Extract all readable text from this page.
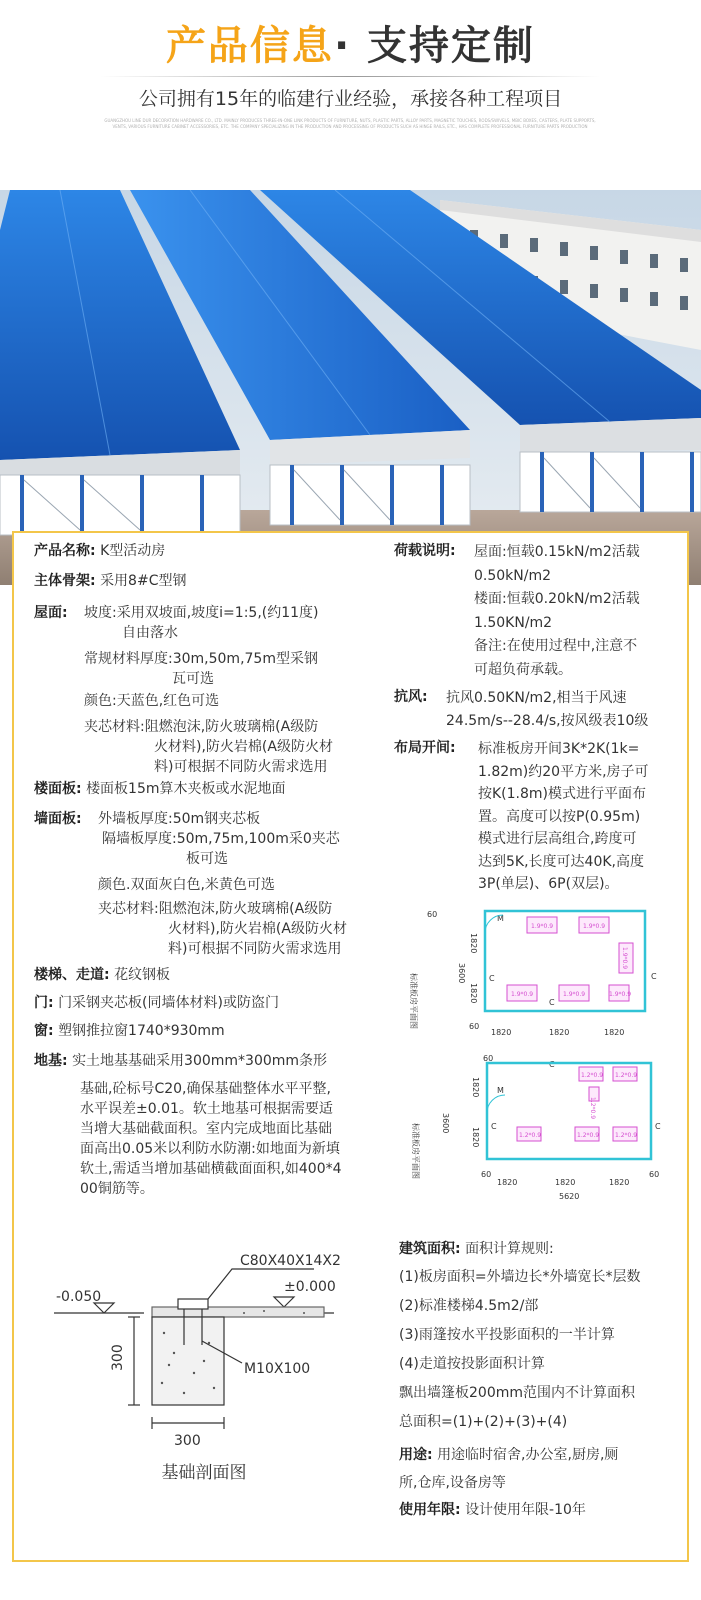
产品信息· 支持定制
公司拥有15年的临建行业经验，承接各种工程项目
GUANGZHOU LINE DUR DECORATION HARDWARE CO., LTD. MAINLY PRODUCES THREE-IN-ONE LINK PRODUCTS OF FURNITURE, NUTS, PLASTIC PARTS, ALLOY PARTS, MAGNETIC TOUCHES, RODS/SWIVELS, MBIC BOXES, CASTERS, PLATE SUPPORTS, VENTS, VARIOUS FURNITURE CABINET ACCESSORIES, ETC. THE COMPANY SPECIALIZING IN THE PRODUCTION AND PROCESSING OF PRODUCTS SUCH AS HINGE RAILS, ETC., HAS COMPLETE PROFESSIONAL FURNITURE PARTS PRODUCTION
产品名称: K型活动房
主体骨架: 采用8#C型钢
屋面:	坡度:采用双坡面,坡度i=1:5,(约11度)
自由落水
常规材料厚度:30m,50m,75m型采钢
瓦可选
颜色:天蓝色,红色可选
夹芯材料:阻燃泡沫,防火玻璃棉(A级防
火材料),防火岩棉(A级防火材
料)可根据不同防火需求选用
楼面板: 楼面板15m算木夹板或水泥地面
墙面板:	外墙板厚度:50m钢夹芯板
隔墙板厚度:50m,75m,100m采0夹芯
板可选
颜色.双面灰白色,米黄色可选
夹芯材料:阻燃泡沫,防火玻璃棉(A级防
火材料),防火岩棉(A级防火材
料)可根据不同防火需求选用
楼梯、走道: 花纹钢板
门: 门采钢夹芯板(同墙体材料)或防盗门
窗: 塑钢推拉窗1740*930mm
地基: 实土地基基础采用300mm*300mm条形
基础,砼标号C20,确保基础整体水平平整,
水平误差±0.01。软土地基可根据需要适
当增大基础截面积。室内完成地面比基础
面高出0.05米以利防水防潮:如地面为新填
软土,需适当增加基础横截面面积,如400*4
00铜筋等。
C80X40X14X2
±0.000
-0.050
300	M10X100
300
基础剖面图
荷载说明:	屋面:恒载0.15kN/m2活载
0.50kN/m2
楼面:恒载0.20kN/m2活载
1.50KN/m2
备注:在使用过程中,注意不
可超负荷承载。
抗风:	抗风0.50KN/m2,相当于风速
24.5m/s--28.4/s,按风级表10级
布局开间:	标准板房开间3K*2K(1k=
1.82m)约20平方米,房子可
按K(1.8m)模式进行平面布
置。高度可以按P(0.95m)
模式进行层高组合,跨度可
达到5K,长度可达40K,高度
3P(单层)、6P(双层)。
60
标准板房平面图	3600
1820
1820
1820	1820	1820
60
M
C	C
C
1.9*0.9	1.9*0.9
1.9*0.9
1.9*0.9	1.9*0.9	1.9*0.9
标准板房平面图	3600
1820
1820
60
60	60
1820	1820	1820
5620
M
C	C
C
1.2*0.9 1.2*0.9
1.2*0.9	1.2*0.9	1.2*0.9
1.2*0.9
建筑面积: 面积计算规则:
(1)板房面积=外墙边长*外墙宽长*层数
(2)标准楼梯4.5m2/部
(3)雨篷按水平投影面积的一半计算
(4)走道按投影面积计算
飘出墙篷板200mm范围内不计算面积
总面积=(1)+(2)+(3)+(4)
用途: 用途临时宿舍,办公室,厨房,厕
所,仓库,设备房等
使用年限: 设计使用年限-10年
